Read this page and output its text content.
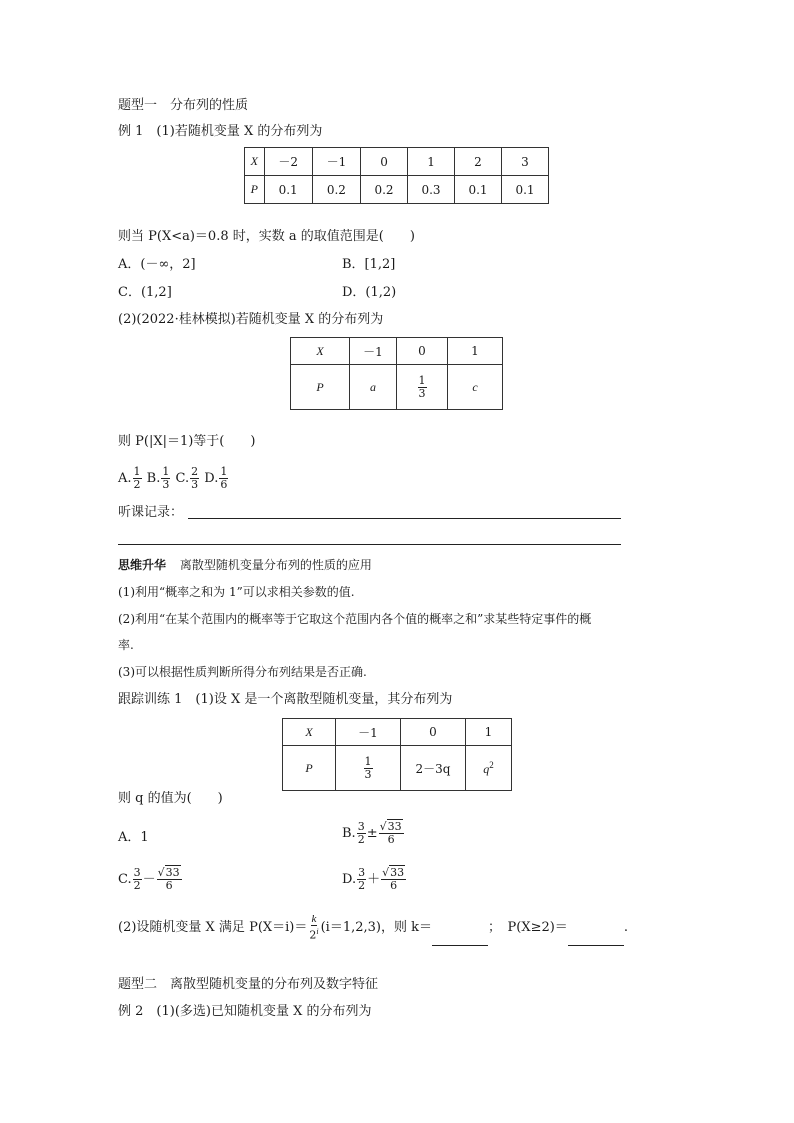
题型一　分布列的性质
例 1　(1)若随机变量 X 的分布列为
X	－2	－1	0	1	2	3
P	0.1	0.2	0.2	0.3	0.1	0.1
则当 P(X<a)＝0.8 时，实数 a 的取值范围是(　　)
A．(－∞，2]	B．[1,2]
C．(1,2]	D．(1,2)
(2)(2022·桂林模拟)若随机变量 X 的分布列为
X	－1	0	1
P	a	$\frac{1}{3}$	c
则 P(|X|＝1)等于(　　)
A. $\frac{1}{2} B$. $\frac{1}{3} C$. $\frac{2}{3} D$. $\frac{1}{6}$
听课记录：
思维升华 离散型随机变量分布列的性质的应用
(1)利用“概率之和为 1”可以求相关参数的值.
(2)利用“在某个范围内的概率等于它取这个范围内各个值的概率之和”求某些特定事件的概
率.
(3)可以根据性质判断所得分布列结果是否正确.
跟踪训练 1　(1)设 X 是一个离散型随机变量，其分布列为
X	－1	0	1
P	$\frac{1}{3}$	2－3q	$q^2$
则 q 的值为(　　)
A．1	B. $\frac{3}{2} \pm \frac{√33}{6}$
C. $\frac{3}{2} - \frac{√33}{6}$	D. $\frac{3}{2} + \frac{√33}{6}$
(2)设随机变量 X 满足 $P(X=i)= \frac{k}{2^i} (i=1,2,3)$，则 k＝	；　P(X≥2)＝	.
题型二　离散型随机变量的分布列及数字特征
例 2　(1)(多选)已知随机变量 X 的分布列为
